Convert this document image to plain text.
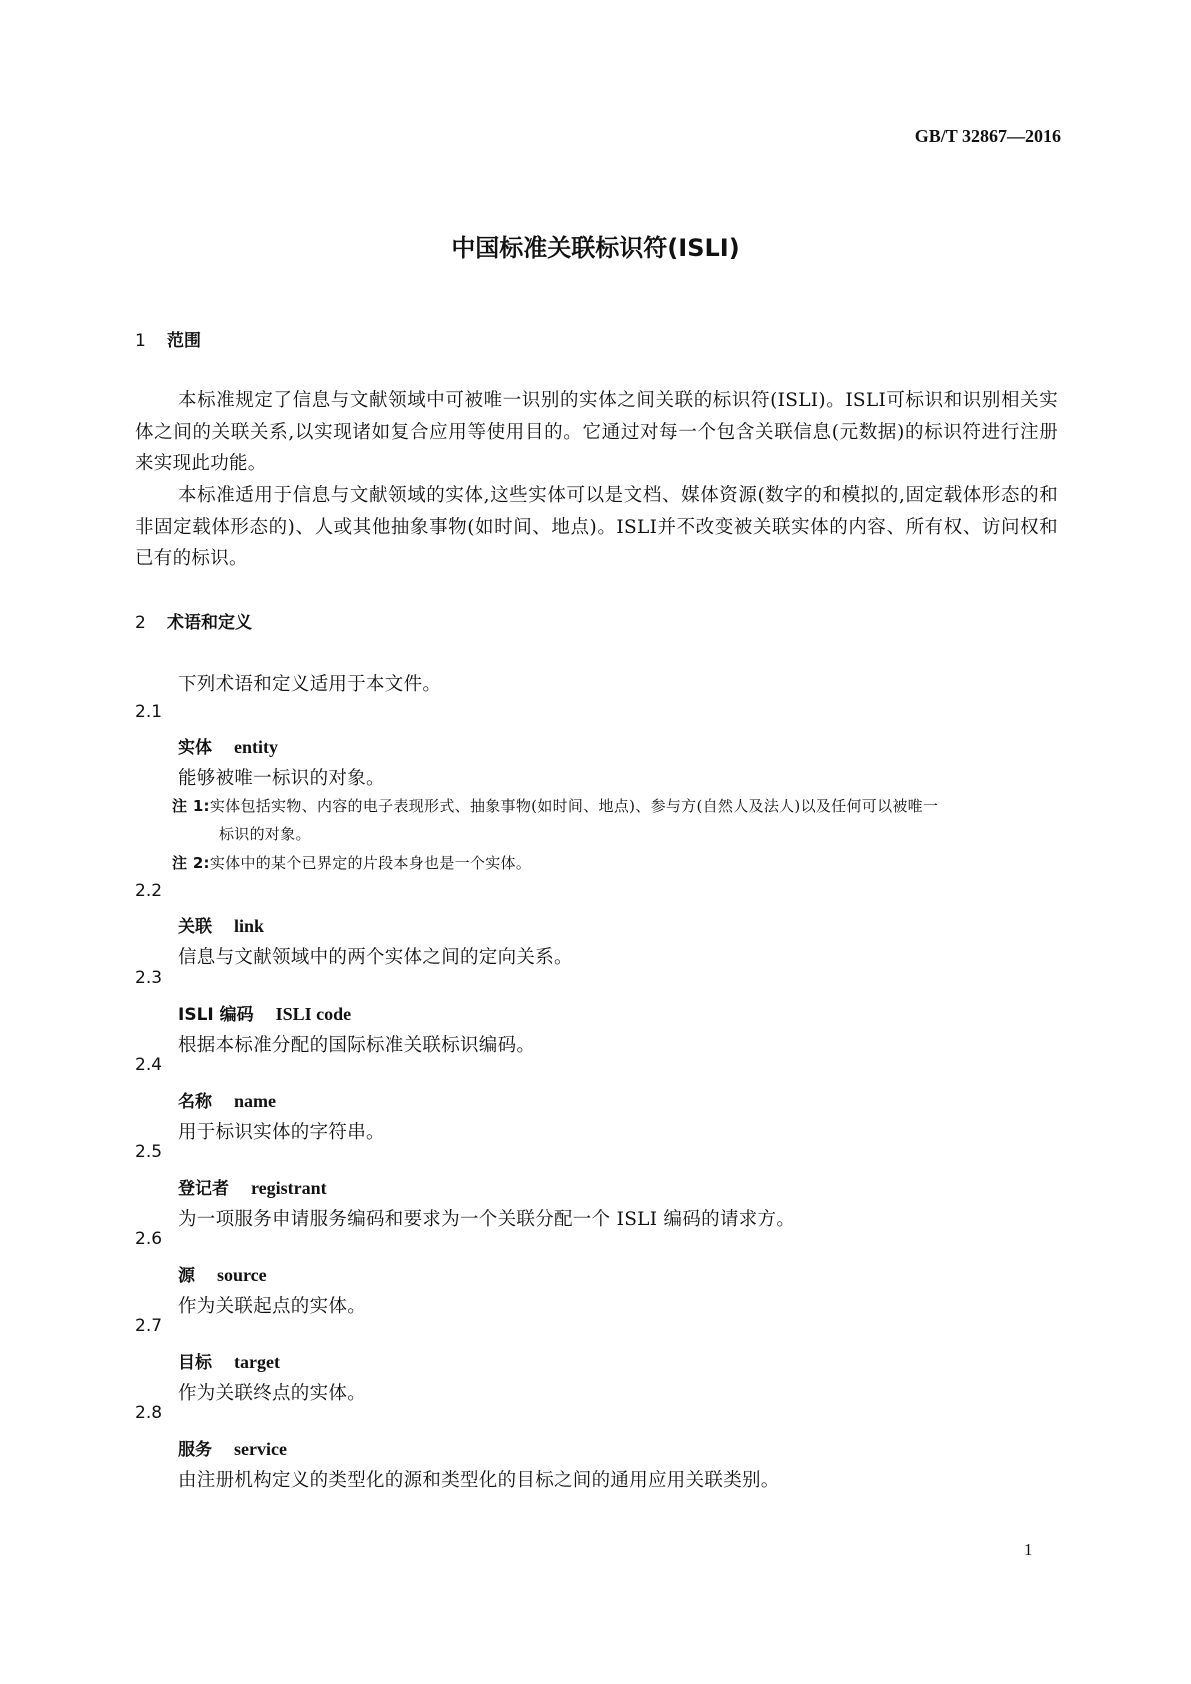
GB/T 32867—2016
中国标准关联标识符(ISLI)
1 范围
本标准规定了信息与文献领域中可被唯一识别的实体之间关联的标识符(ISLI)。ISLI可标识和识别相关实体之间的关联关系,以实现诸如复合应用等使用目的。它通过对每一个包含关联信息(元数据)的标识符进行注册来实现此功能。
本标准适用于信息与文献领域的实体,这些实体可以是文档、媒体资源(数字的和模拟的,固定载体形态的和非固定载体形态的)、人或其他抽象事物(如时间、地点)。ISLI并不改变被关联实体的内容、所有权、访问权和已有的标识。
2 术语和定义
下列术语和定义适用于本文件。
2.1
实体 entity
能够被唯一标识的对象。
2.2
关联 link
信息与文献领域中的两个实体之间的定向关系。
2.3
ISLI 编码 ISLI code
根据本标准分配的国际标准关联标识编码。
2.4
名称 name
用于标识实体的字符串。
2.5
登记者 registrant
为一项服务申请服务编码和要求为一个关联分配一个 ISLI 编码的请求方。
2.6
源 source
作为关联起点的实体。
2.7
目标 target
作为关联终点的实体。
2.8
服务 service
由注册机构定义的类型化的源和类型化的目标之间的通用应用关联类别。
注 1:实体包括实物、内容的电子表现形式、抽象事物(如时间、地点)、参与方(自然人及法人)以及任何可以被唯一
标识的对象。
注 2:实体中的某个已界定的片段本身也是一个实体。
1
